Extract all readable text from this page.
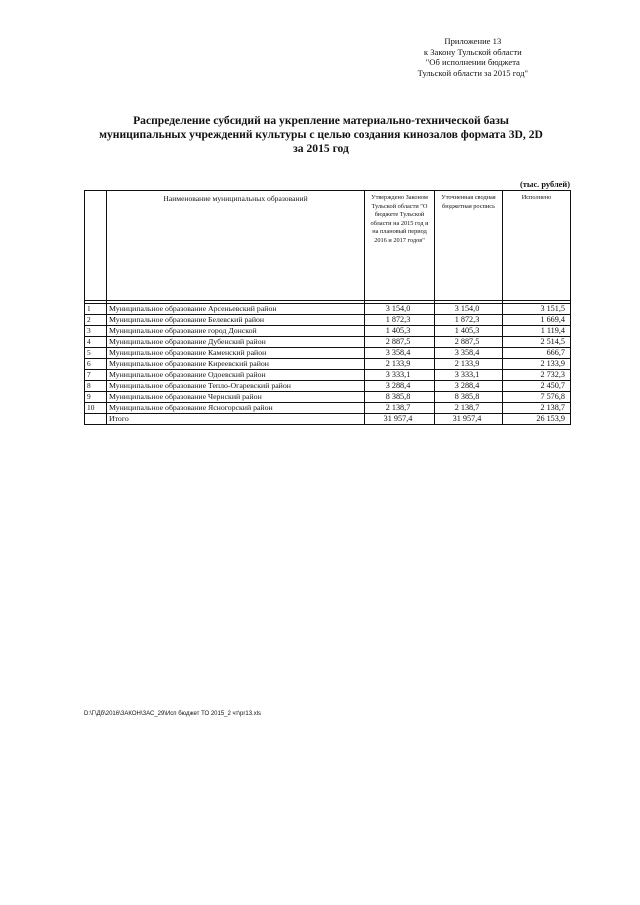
Приложение 13
к Закону Тульской области
"Об исполнении бюджета
Тульской области за 2015 год"
Распределение субсидий на укрепление материально-технической базы
муниципальных учреждений культуры с целью создания кинозалов формата 3D, 2D
за 2015 год
(тыс. рублей)
	Наименование муниципальных образований	Утверждено Законом Тульской области "О бюджете Тульской области на 2015 год и на плановый период 2016 и 2017 годов"	Уточненная сводная бюджетная роспись	Исполнено

1	Муниципальное образование Арсеньевский район	3 154,0	3 154,0	3 151,5
2	Муниципальное образование Белевский район	1 872,3	1 872,3	1 669,4
3	Муниципальное образование город Донской	1 405,3	1 405,3	1 119,4
4	Муниципальное образование Дубенский район	2 887,5	2 887,5	2 514,5
5	Муниципальное образование Каменский район	3 358,4	3 358,4	666,7
6	Муниципальное образование Киреевский район	2 133,9	2 133,9	2 133,9
7	Муниципальное образование Одоевский район	3 333,1	3 333,1	2 732,3
8	Муниципальное образование Тепло-Огаревский район	3 288,4	3 288,4	2 450,7
9	Муниципальное образование Чернский район	8 385,8	8 385,8	7 576,8
10	Муниципальное образование Ясногорский район	2 138,7	2 138,7	2 138,7
	Итого	31 957,4	31 957,4	26 153,9
D:\Г\Дб\2016\ЗАКОН\ЗАС_29\Исп бюджет ТО 2015_2 чт\pr13.xls
